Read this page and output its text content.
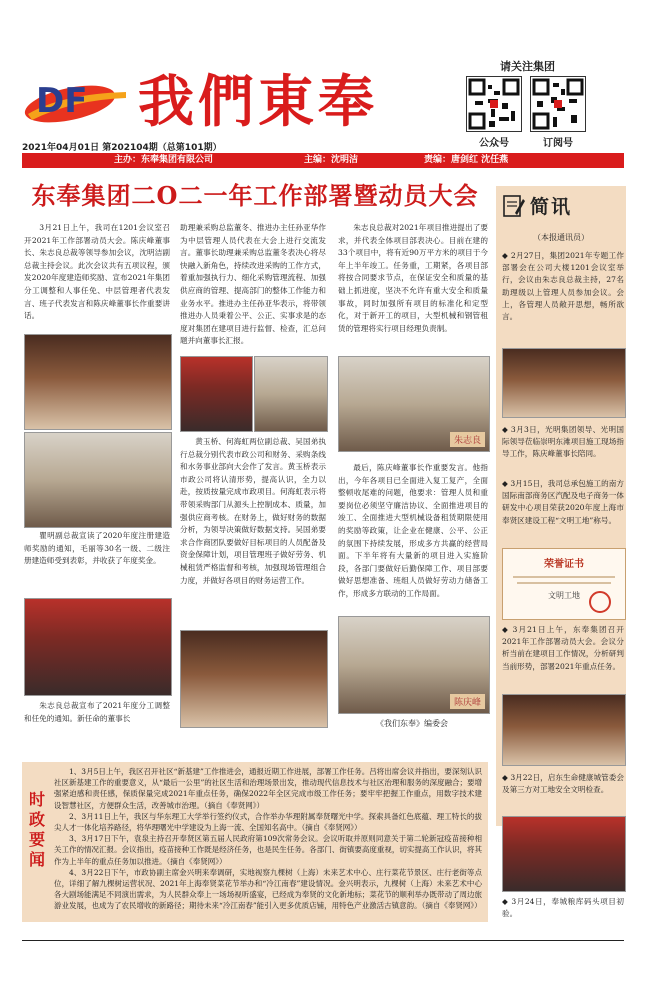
DF 我們東奉
请关注集团
公众号	订阅号
2021年04月01日 第202104期（总第101期）
主办：东奉集团有限公司	主编：沈明洁	责编：唐剑红 沈任燕
东奉集团二O二一年工作部署暨动员大会

3月21日上午，我司在1201会议室召开2021年工作部署动员大会。陈庆峰董事长、朱志良总裁等领导参加会议，沈明洁副总裁主持会议。此次会议共有五项议程，颁发2020年度建造师奖励、宣布2021年集团分工调整和人事任免、中层管理者代表发言、班子代表发言和陈庆峰董事长作重要讲话。

瞿明副总裁宣读了2020年度注册建造师奖励的通知，毛丽等30名一级、二级注册建造师受到表彰，并收获了年度奖金。

朱志良总裁宣布了2021年度分工调整和任免的通知。新任命的董事长

助理兼采购总监董冬、推进办主任孙亚华作为中层管理人员代表在大会上进行交流发言。董事长助理兼采购总监董冬表决心将尽快融入新角色，持续改进采购的工作方式，着重加强执行力、细化采购管理流程、加强供应商的管理、提高部门的整体工作能力和业务水平。推进办主任孙亚华表示，将带领推进办人员秉着公平、公正、实事求是的态度对集团在建项目进行监督、检查，汇总问题并向董事长汇报。

黄玉桥、何海虹两位副总裁、吴国弟执行总裁分别代表市政公司和财务、采购条线和水务事业部向大会作了发言。黄玉桥表示市政公司将认清形势，提高认识，全力以赴，按质按量完成市政项目。何海虹表示将带领采购部门从源头上控制成本、质量，加强供应商考核。在财务上，做好财务的数据分析，为领导决策做好数据支持。吴国弟要求合作商团队要做好目标项目的人员配备及资金保障计划，项目管理班子做好劳务、机械租赁严格监督和考核，加强现场管理组合力度，并做好各项目的财务运营工作。

朱志良总裁对2021年项目推进提出了要求，并代表全体项目部表决心。目前在建的33个项目中，将有近90万平方米的项目于今年上半年竣工。任务重，工期紧，各项目部将按合同要求节点，在保证安全和质量的基础上抓进度，坚决不允许有重大安全和质量事故，同时加强所有项目的标准化和定型化，对于新开工的项目，大型机械和钢管租赁的管理将实行项目经理负责制。

朱志良

最后，陈庆峰董事长作重要发言。他指出，今年各项目已全面进入复工复产，全面整顿收尾难的问题，他要求：管理人员和重要岗位必须坚守廉洁协议、全面推进项目的竣工、全面推进大型机械设备租赁期限使用的奖励等政策，让企业在健康、公平、公正的氛围下持续发展，形成多方共赢的经营局面。下半年将有大量新的项目进入实施阶段，各部门要做好后勤保障工作、项目部要做好思想准备、班组人员做好劳动力储备工作，形成多方联动的工作局面。

陈庆峰
《我们东奉》编委会
简讯
（本报通讯员）
◆ 2月27日，集团2021年专题工作部署会在公司大楼1201会议室举行，会议由朱志良总裁主持，27名助理级以上管理人员参加会议。会上，各管理人员敞开思想，畅所欲言。
◆ 3月3日，光明集团领导、光明国际领导莅临崇明东滩项目施工现场指导工作，陈庆峰董事长陪同。
◆ 3月15日，我司总承包施工的南方国际南部商务区汽配及电子商务一体研发中心项目荣获2020年度上海市奉贤区建设工程“文明工地”称号。
荣誉证书
文明工地
◆ 3月21日上午，东奉集团召开2021年工作部署动员大会。会议分析当前在建项目工作情况，分析研判当前形势，部署2021年重点任务。
◆ 3月22日，启东生命健康城管委会及第三方对工地安全文明检查。
◆ 3月24日，奉城粮库码头项目初验。
时政要闻
1、3月5日上午，我区召开社区“新基建”工作推进会，通报近期工作进展，部署工作任务。吕将出席会议并指出，要深刻认识社区新基建工作的重要意义，从“最后一公里”的社区生活和治理场景出发，推动现代信息技术与社区治理和服务的深度融合；要增强紧迫感和责任感，保质保量完成2021年重点任务，确保2022年全区完成市级工作任务；要牢牢把握工作重点，用数字技术建设智慧社区，方便群众生活，改善城市治理。（摘自《奉贤网》）
2、3月11日上午，我区与华东理工大学举行签约仪式，合作举办华理附属奉贤曙光中学。探索具备红色底蕴、理工特长的拔尖人才一体化培养路径，将华理曙光中学建设为上海一流、全国知名高中。（摘自《奉贤网》）
3、3月17日下午，袁泉主持召开奉贤区第五届人民政府第109次常务会议。会议听取并原则同意关于第二轮新冠疫苗接种相关工作的情况汇报。会议指出，疫苗接种工作既是经济任务，也是民生任务。各部门、街镇要高度重视，切实提高工作认识，将其作为上半年的重点任务加以推进。（摘自《奉贤网》）
4、3月22日下午，市政协副主席金兴明来奉调研，实地视察九棵树（上海）未来艺术中心、庄行菜花节景区、庄行老街等点位，详细了解九棵树运营状况、2021年上海奉贤菜花节举办和“冷江南春”建设情况。金兴明表示，九棵树（上海）未来艺术中心各大剧场能满足不同演出需求，为人民群众奉上一场场视听盛宴，已经成为奉贤的文化新地标；菜花节的顺利举办既带动了周边旅游业发展，也成为了农民增收的新路径；期待未来“冷江南春”能引入更多优质店铺，用特色产业激活古镇意韵。（摘自《奉贤网》）
